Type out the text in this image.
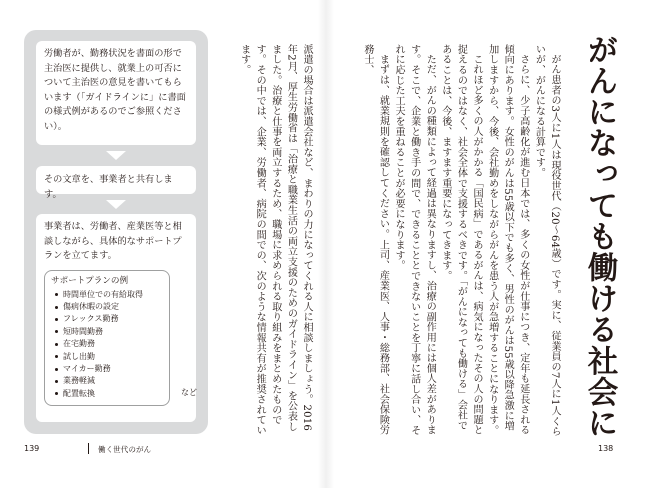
がんになっても働ける社会に

がん患者の3人に1人は現役世代（20〜64歳）です。実に、従業員の7人に1人くらいが、がんになる計算です。

さらに、少子高齢化が進む日本では、多くの女性が仕事につき、定年も延長される傾向にあります。女性のがんは55歳以下でも多く、男性のがんは55歳以降急激に増加しますから、今後、会社勤めをしながらがんを患う人が急増することになります。

これほど多くの人がかかる「国民病」であるがんは、病気になったその人の問題と捉えるのではなく、社会全体で支援するべきです。「がんになっても働ける」会社であることは、今後、ますます重要になってきます。

ただ、がんの種類によって経過は異なりますし、治療の副作用には個人差があります。そこで、企業と働き手の間で、できることとできないことを丁寧に話し合い、それに応じた工夫を重ねることが必要になります。

まずは、就業規則を確認してください。上司、産業医、人事・総務部、社会保険労務士、

派遣の場合は派遣会社など、まわりの力になってくれる人に相談しましょう。2016年2月、厚生労働省は「治療と職業生活の両立支援のためのガイドライン」を公表しました。治療と仕事を両立するため、職場に求められる取り組みをまとめたものです。その中では、企業、労働者、病院の間での、次のような情報共有が推奨されています。

労働者が、勤務状況を書面の形で主治医に提供し、就業上の可否について主治医の意見を書いてもらいます（「ガイドラインに」に書面の様式例があるのでご参照ください）。
その文章を、事業者と共有します。
事業者は、労働者、産業医等と相談しながら、具体的なサポートプランを立てます。
サポートプランの例
時間単位での有給取得
傷病休暇の設定
フレックス勤務
短時間勤務
在宅勤務
試し出勤
マイカー勤務
業務軽減
配置転換	など
139	働く世代のがん	138
